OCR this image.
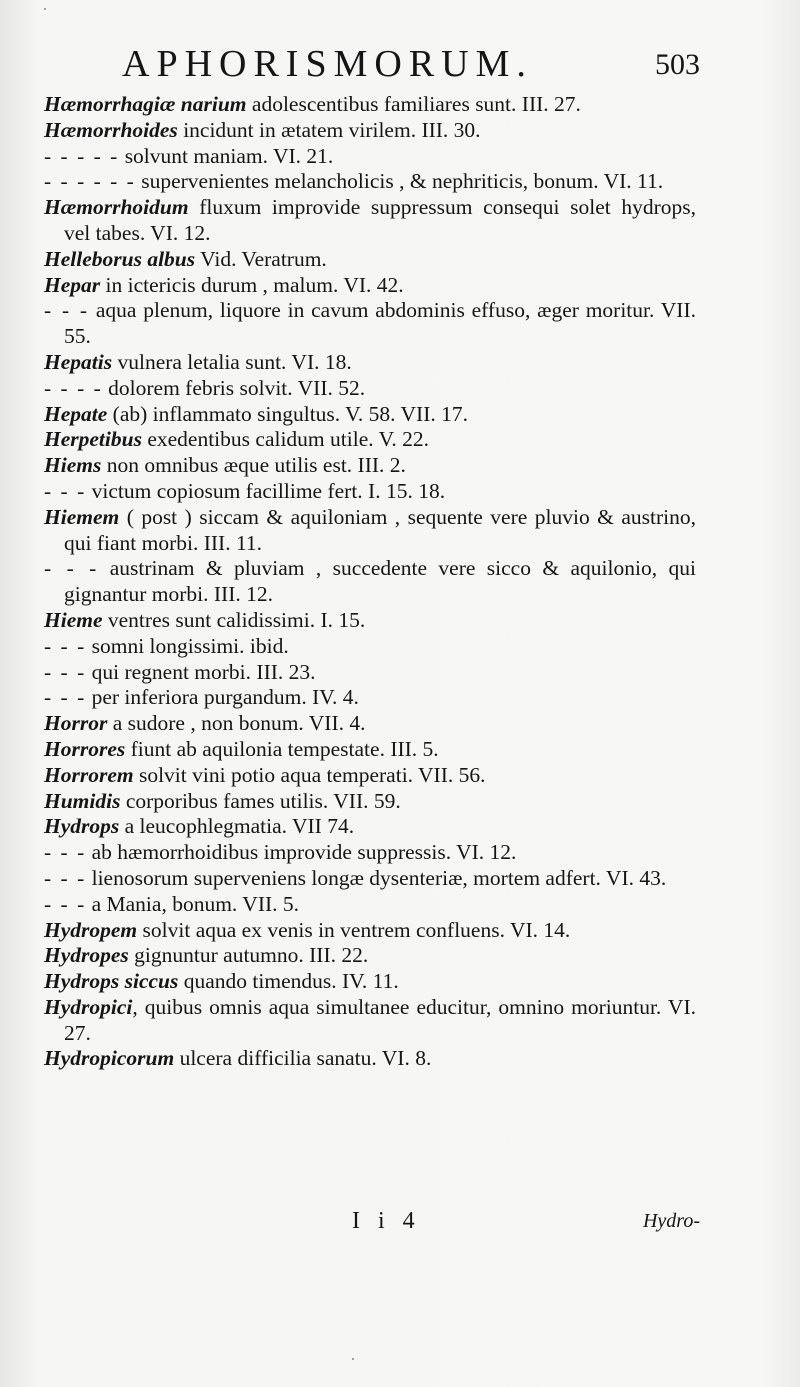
APHORISMORUM.	503
Hæmorrhagiæ narium adolescentibus familiares sunt. III. 27.
Hæmorrhoides incidunt in ætatem virilem. III. 30.
- - - - - solvunt maniam. VI. 21.
- - - - - - supervenientes melancholicis , & nephriticis, bonum. VI. 11.
Hæmorrhoidum fluxum improvide suppressum consequi solet hydrops, vel tabes. VI. 12.
Helleborus albus Vid. Veratrum.
Hepar in ictericis durum , malum. VI. 42.
- - - aqua plenum, liquore in cavum abdominis effuso, æger moritur. VII. 55.
Hepatis vulnera letalia sunt. VI. 18.
- - - - dolorem febris solvit. VII. 52.
Hepate (ab) inflammato singultus. V. 58. VII. 17.
Herpetibus exedentibus calidum utile. V. 22.
Hiems non omnibus æque utilis est. III. 2.
- - - victum copiosum facillime fert. I. 15. 18.
Hiemem ( post ) siccam & aquiloniam , sequente vere pluvio & austrino, qui fiant morbi. III. 11.
- - - austrinam & pluviam , succedente vere sicco & aquilonio, qui gignantur morbi. III. 12.
Hieme ventres sunt calidissimi. I. 15.
- - - somni longissimi. ibid.
- - - qui regnent morbi. III. 23.
- - - per inferiora purgandum. IV. 4.
Horror a sudore , non bonum. VII. 4.
Horrores fiunt ab aquilonia tempestate. III. 5.
Horrorem solvit vini potio aqua temperati. VII. 56.
Humidis corporibus fames utilis. VII. 59.
Hydrops a leucophlegmatia. VII 74.
- - - ab hæmorrhoidibus improvide suppressis. VI. 12.
- - - lienosorum superveniens longæ dysenteriæ, mortem adfert. VI. 43.
- - - a Mania, bonum. VII. 5.
Hydropem solvit aqua ex venis in ventrem confluens. VI. 14.
Hydropes gignuntur autumno. III. 22.
Hydrops siccus quando timendus. IV. 11.
Hydropici, quibus omnis aqua simultanee educitur, omnino moriuntur. VI. 27.
Hydropicorum ulcera difficilia sanatu. VI. 8.
I i 4	Hydro-
